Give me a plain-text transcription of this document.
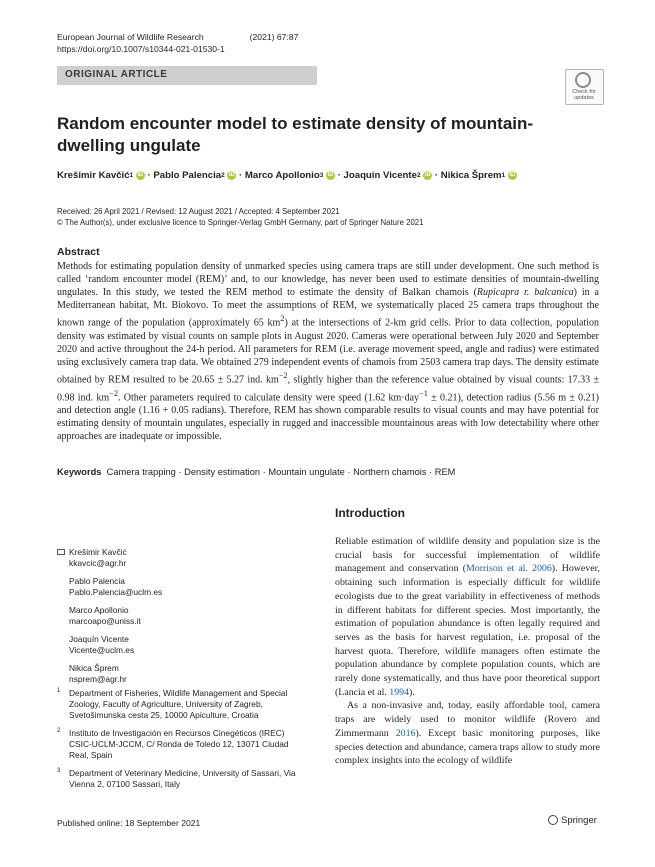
European Journal of Wildlife Research	(2021) 67:87
https://doi.org/10.1007/s10344-021-01530-1
ORIGINAL ARTICLE
Check for
updates
Random encounter model to estimate density of mountain-dwelling ungulate
Krešimir Kavčić$^1$ iD · Pablo Palencia$^2$ iD · Marco Apollonio$^3$ iD · Joaquín Vicente$^2$ iD · Nikica Šprem$^1$ iD
Received: 26 April 2021 / Revised: 12 August 2021 / Accepted: 4 September 2021
© The Author(s), under exclusive licence to Springer-Verlag GmbH Germany, part of Springer Nature 2021
Abstract
Methods for estimating population density of unmarked species using camera traps are still under development. One such method is called ‘random encounter model (REM)’ and, to our knowledge, has never been used to estimate densities of mountain-dwelling ungulates. In this study, we tested the REM method to estimate the density of Balkan chamois (Rupicapra r. balcanica) in a Mediterranean habitat, Mt. Biokovo. To meet the assumptions of REM, we systematically placed 25 camera traps throughout the known range of the population (approximately 65 $km^2$) at the intersections of 2-km grid cells. Prior to data collection, population density was estimated by visual counts on sample plots in August 2020. Cameras were operational between July 2020 and September 2020 and active throughout the 24-h period. All parameters for REM (i.e. average movement speed, angle and radius) were estimated using exclusively camera trap data. We obtained 279 independent events of chamois from 2503 camera trap days. The density estimate obtained by REM resulted to be 20.65 ± 5.27 ind. $km^{-2}$, slightly higher than the reference value obtained by visual counts: 17.33 ± 0.98 ind. $km^{-2}$. Other parameters required to calculate density were speed (1.62 km·day$^{-1}$ ± 0.21), detection radius (5.56 m ± 0.21) and detection angle (1.16 + 0.05 radians). Therefore, REM has shown comparable results to visual counts and may have potential for estimating density of mountain ungulates, especially in rugged and inaccessible mountainous areas with low detectability where other approaches are inadequate or impossible.
Keywords Camera trapping · Density estimation · Mountain ungulate · Northern chamois · REM
Krešimir Kavčić
kkavcic@agr.hr
Pablo Palencia
Pablo.Palencia@uclm.es
Marco Apollonio
marcoapo@uniss.it
Joaquín Vicente
Vicente@uclm.es
Nikica Šprem
nsprem@agr.hr
1 Department of Fisheries, Wildlife Management and Special Zoology, Faculty of Agriculture, University of Zagreb, Svetošimunska cesta 25, 10000 Apiculture, Croatia
2 Instituto de Investigación en Recursos Cinegéticos (IREC) CSIC-UCLM-JCCM, C/ Ronda de Toledo 12, 13071 Ciudad Real, Spain
3 Department of Veterinary Medicine, University of Sassari, Via Vienna 2, 07100 Sassari, Italy
Introduction

Reliable estimation of wildlife density and population size is the crucial basis for successful implementation of wildlife management and conservation (Morrison et al. 2006). However, obtaining such information is especially difficult for wildlife ecologists due to the great variability in effectiveness of methods in different habitats for different species. Most importantly, the estimation of population abundance is often legally required and serves as the basis for harvest regulation, i.e. proposal of the harvest quota. Therefore, wildlife managers often estimate the population abundance by complete population counts, which are rarely done systematically, and thus have poor theoretical support (Lancia et al. 1994).

As a non-invasive and, today, easily affordable tool, camera traps are widely used to monitor wildlife (Rovero and Zimmermann 2016). Except basic monitoring purposes, like species detection and abundance, camera traps allow to study more complex insights into the ecology of wildlife

Published online: 18 September 2021	Springer
